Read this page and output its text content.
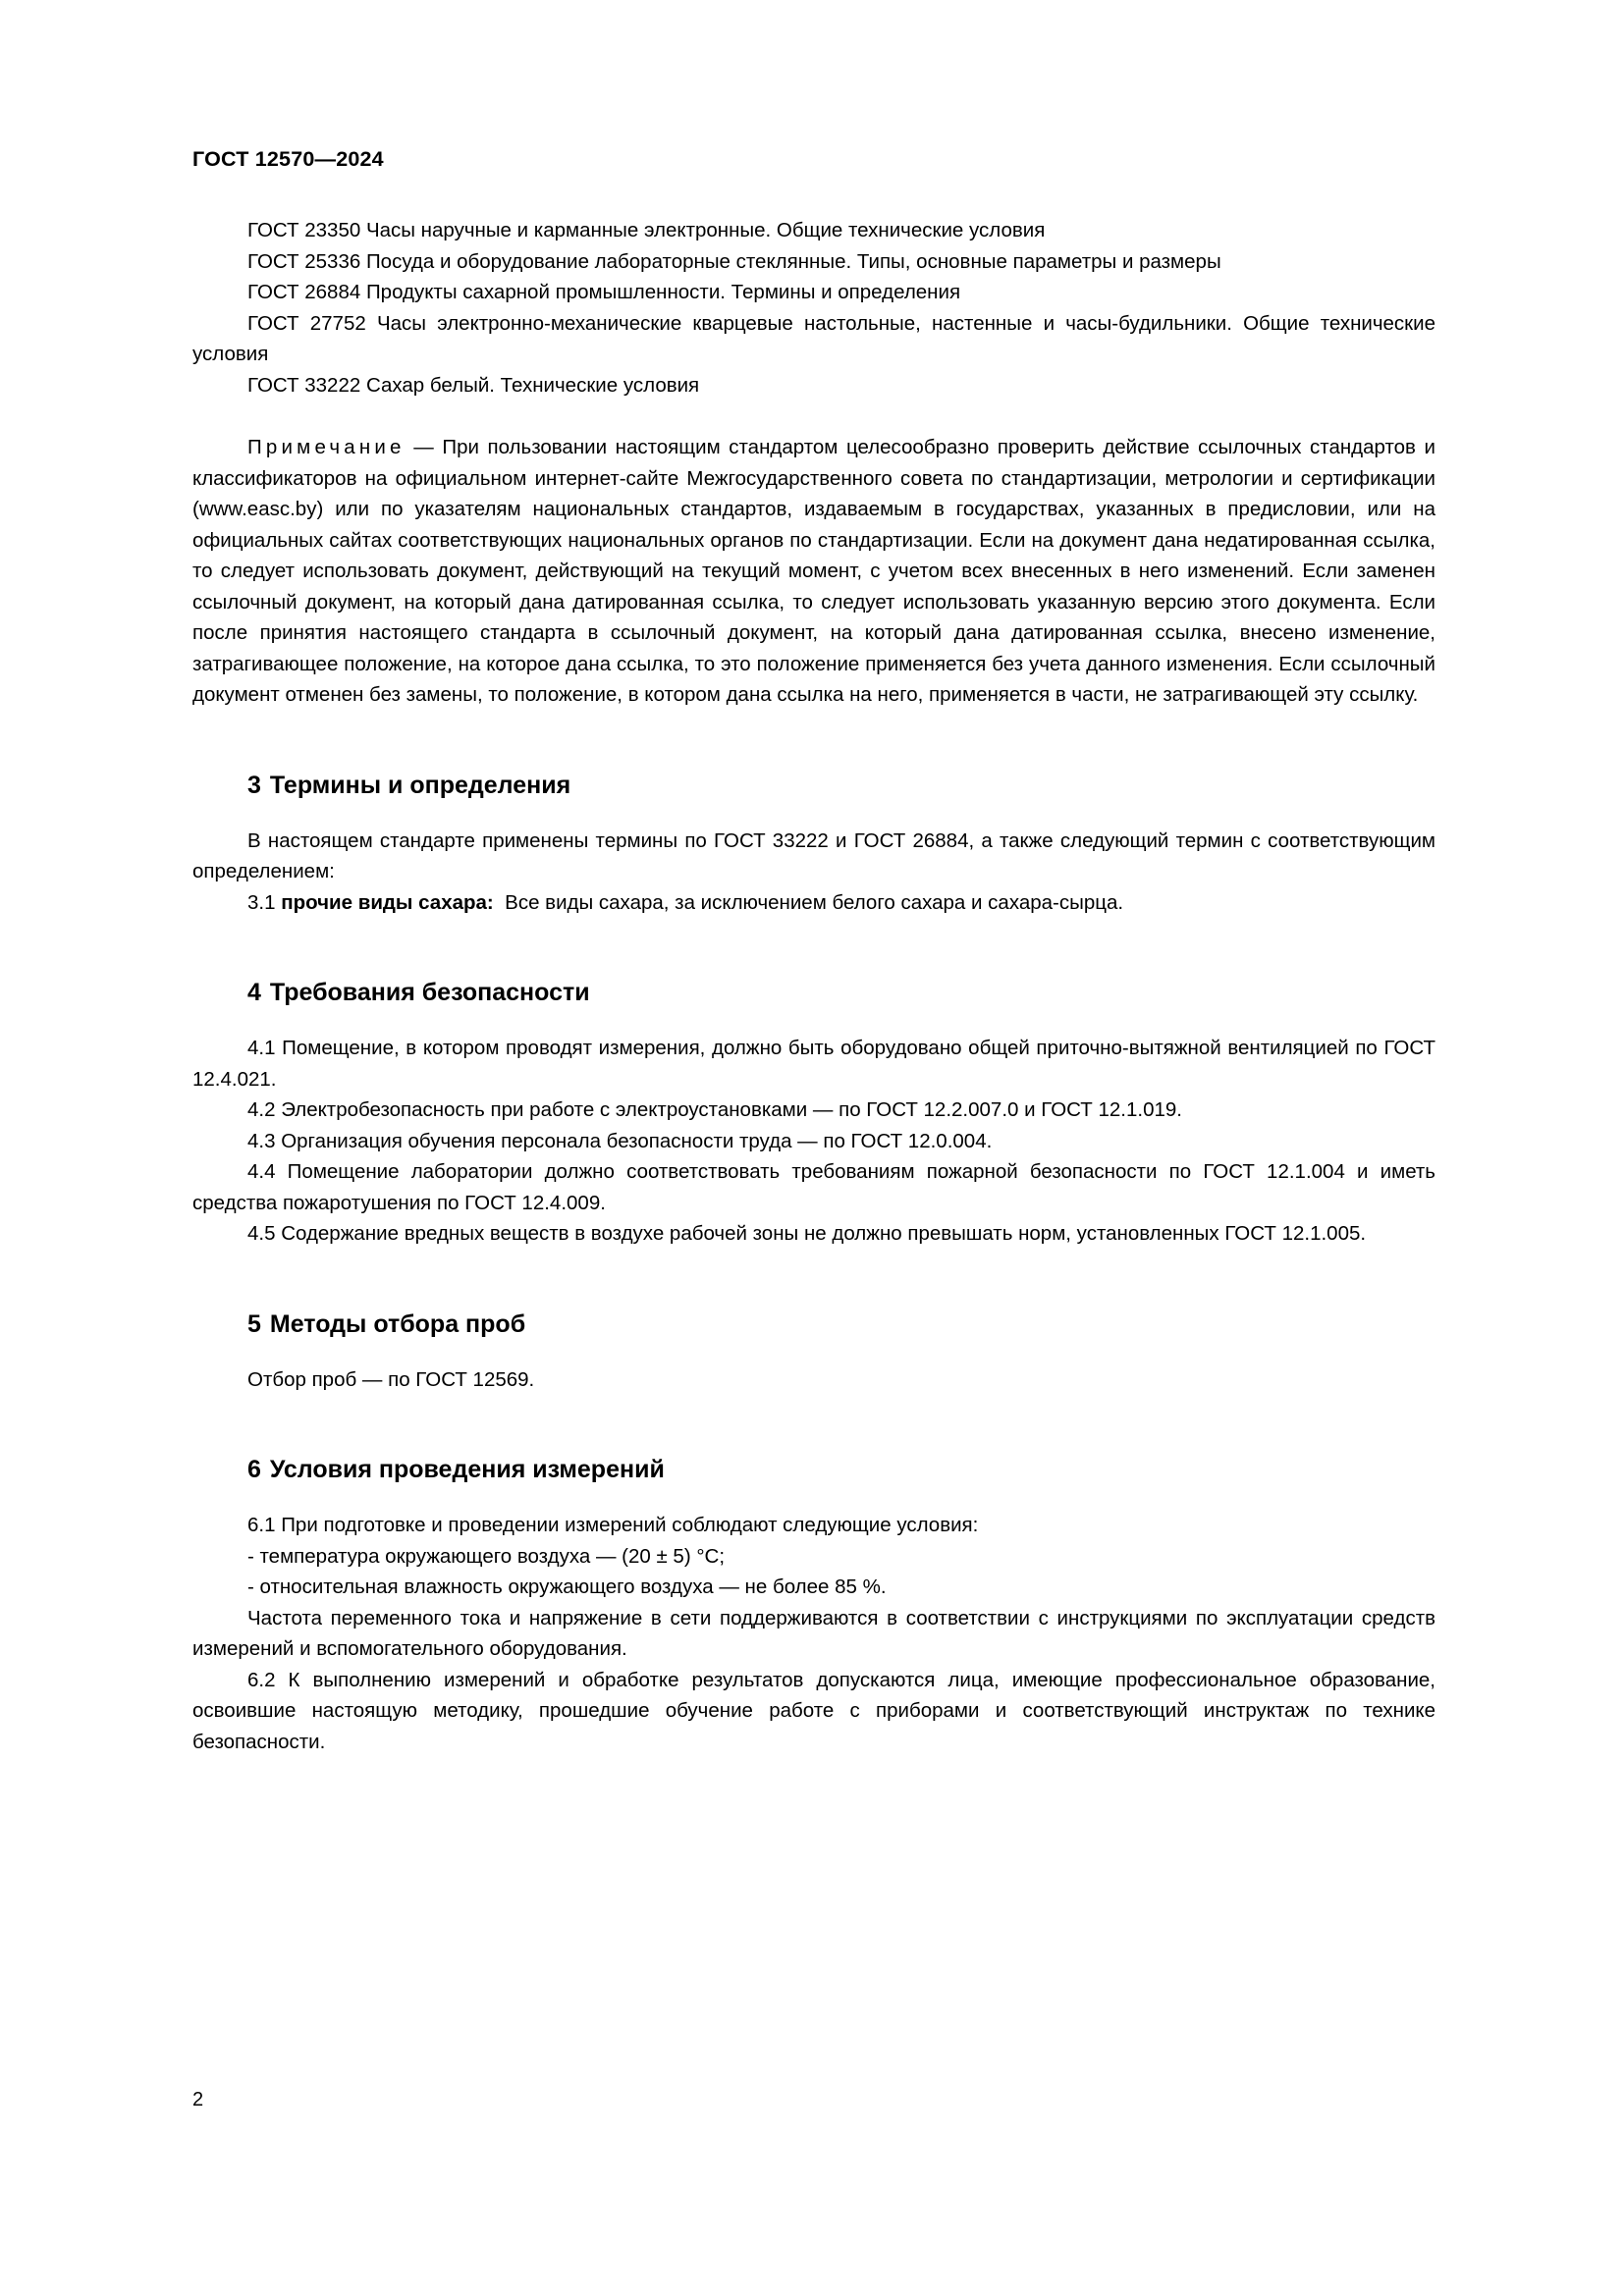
ГОСТ 12570—2024
ГОСТ 23350 Часы наручные и карманные электронные. Общие технические условия
ГОСТ 25336 Посуда и оборудование лабораторные стеклянные. Типы, основные параметры и размеры
ГОСТ 26884 Продукты сахарной промышленности. Термины и определения
ГОСТ 27752 Часы электронно-механические кварцевые настольные, настенные и часы-будильники. Общие технические условия
ГОСТ 33222 Сахар белый. Технические условия
Примечание — При пользовании настоящим стандартом целесообразно проверить действие ссылочных стандартов и классификаторов на официальном интернет-сайте Межгосударственного совета по стандартизации, метрологии и сертификации (www.easc.by) или по указателям национальных стандартов, издаваемым в государствах, указанных в предисловии, или на официальных сайтах соответствующих национальных органов по стандартизации. Если на документ дана недатированная ссылка, то следует использовать документ, действующий на текущий момент, с учетом всех внесенных в него изменений. Если заменен ссылочный документ, на который дана датированная ссылка, то следует использовать указанную версию этого документа. Если после принятия настоящего стандарта в ссылочный документ, на который дана датированная ссылка, внесено изменение, затрагивающее положение, на которое дана ссылка, то это положение применяется без учета данного изменения. Если ссылочный документ отменен без замены, то положение, в котором дана ссылка на него, применяется в части, не затрагивающей эту ссылку.
3 Термины и определения
В настоящем стандарте применены термины по ГОСТ 33222 и ГОСТ 26884, а также следующий термин с соответствующим определением:
3.1 прочие виды сахара: Все виды сахара, за исключением белого сахара и сахара-сырца.
4 Требования безопасности
4.1 Помещение, в котором проводят измерения, должно быть оборудовано общей приточно-вытяжной вентиляцией по ГОСТ 12.4.021.
4.2 Электробезопасность при работе с электроустановками — по ГОСТ 12.2.007.0 и ГОСТ 12.1.019.
4.3 Организация обучения персонала безопасности труда — по ГОСТ 12.0.004.
4.4 Помещение лаборатории должно соответствовать требованиям пожарной безопасности по ГОСТ 12.1.004 и иметь средства пожаротушения по ГОСТ 12.4.009.
4.5 Содержание вредных веществ в воздухе рабочей зоны не должно превышать норм, установленных ГОСТ 12.1.005.
5 Методы отбора проб
Отбор проб — по ГОСТ 12569.
6 Условия проведения измерений
6.1 При подготовке и проведении измерений соблюдают следующие условия:
- температура окружающего воздуха — (20 ± 5) °C;
- относительная влажность окружающего воздуха — не более 85 %.
Частота переменного тока и напряжение в сети поддерживаются в соответствии с инструкциями по эксплуатации средств измерений и вспомогательного оборудования.
6.2 К выполнению измерений и обработке результатов допускаются лица, имеющие профессиональное образование, освоившие настоящую методику, прошедшие обучение работе с приборами и соответствующий инструктаж по технике безопасности.
2
